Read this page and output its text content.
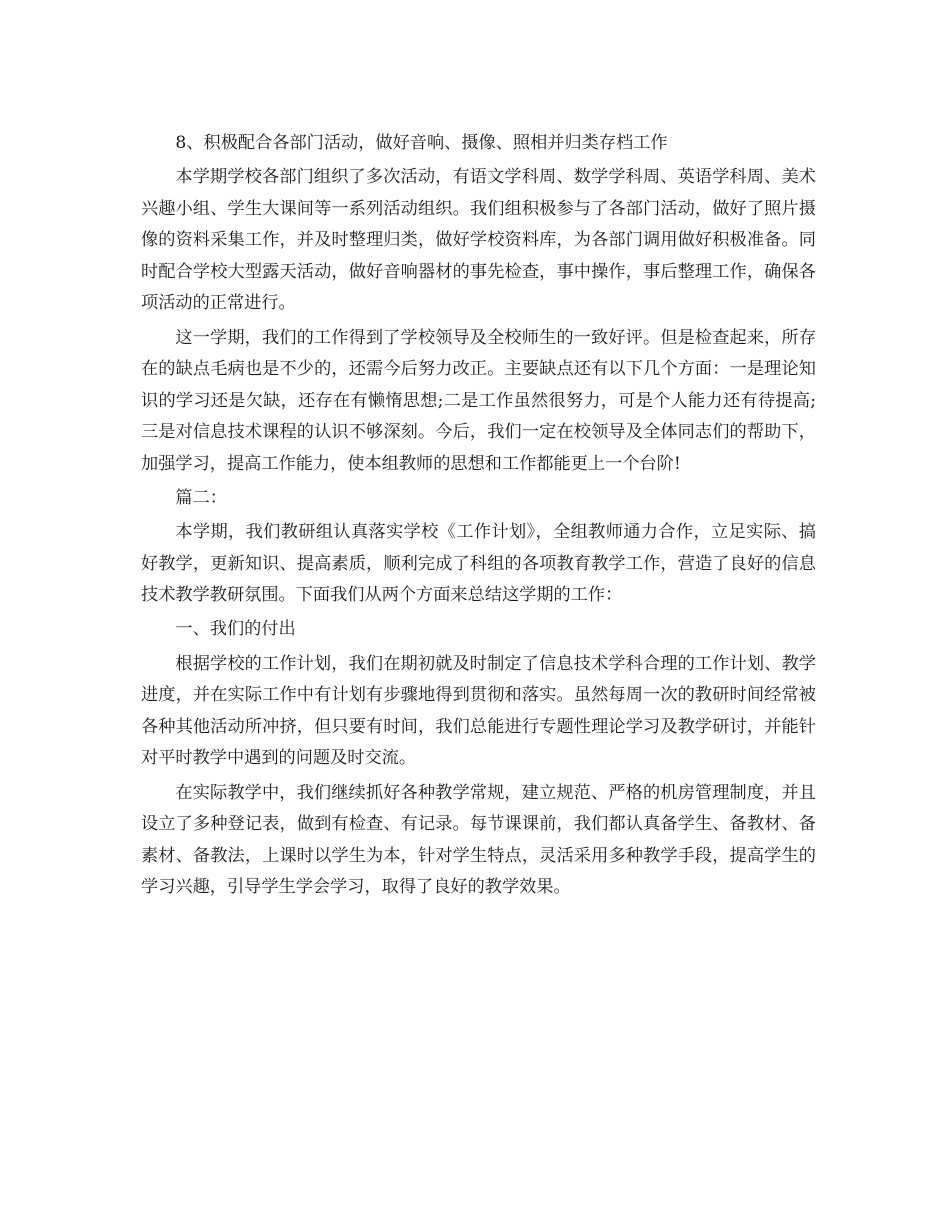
8、积极配合各部门活动，做好音响、摄像、照相并归类存档工作

本学期学校各部门组织了多次活动，有语文学科周、数学学科周、英语学科周、美术兴趣小组、学生大课间等一系列活动组织。我们组积极参与了各部门活动，做好了照片摄像的资料采集工作，并及时整理归类，做好学校资料库，为各部门调用做好积极准备。同时配合学校大型露天活动，做好音响器材的事先检查，事中操作，事后整理工作，确保各项活动的正常进行。

这一学期，我们的工作得到了学校领导及全校师生的一致好评。但是检查起来，所存在的缺点毛病也是不少的，还需今后努力改正。主要缺点还有以下几个方面：一是理论知识的学习还是欠缺，还存在有懒惰思想;二是工作虽然很努力，可是个人能力还有待提高;三是对信息技术课程的认识不够深刻。今后，我们一定在校领导及全体同志们的帮助下，加强学习，提高工作能力，使本组教师的思想和工作都能更上一个台阶!

篇二：

本学期，我们教研组认真落实学校《工作计划》，全组教师通力合作，立足实际、搞好教学，更新知识、提高素质，顺利完成了科组的各项教育教学工作，营造了良好的信息技术教学教研氛围。下面我们从两个方面来总结这学期的工作：

一、我们的付出

根据学校的工作计划，我们在期初就及时制定了信息技术学科合理的工作计划、教学进度，并在实际工作中有计划有步骤地得到贯彻和落实。虽然每周一次的教研时间经常被各种其他活动所冲挤，但只要有时间，我们总能进行专题性理论学习及教学研讨，并能针对平时教学中遇到的问题及时交流。

在实际教学中，我们继续抓好各种教学常规，建立规范、严格的机房管理制度，并且设立了多种登记表，做到有检查、有记录。每节课课前，我们都认真备学生、备教材、备素材、备教法，上课时以学生为本，针对学生特点，灵活采用多种教学手段，提高学生的学习兴趣，引导学生学会学习，取得了良好的教学效果。
